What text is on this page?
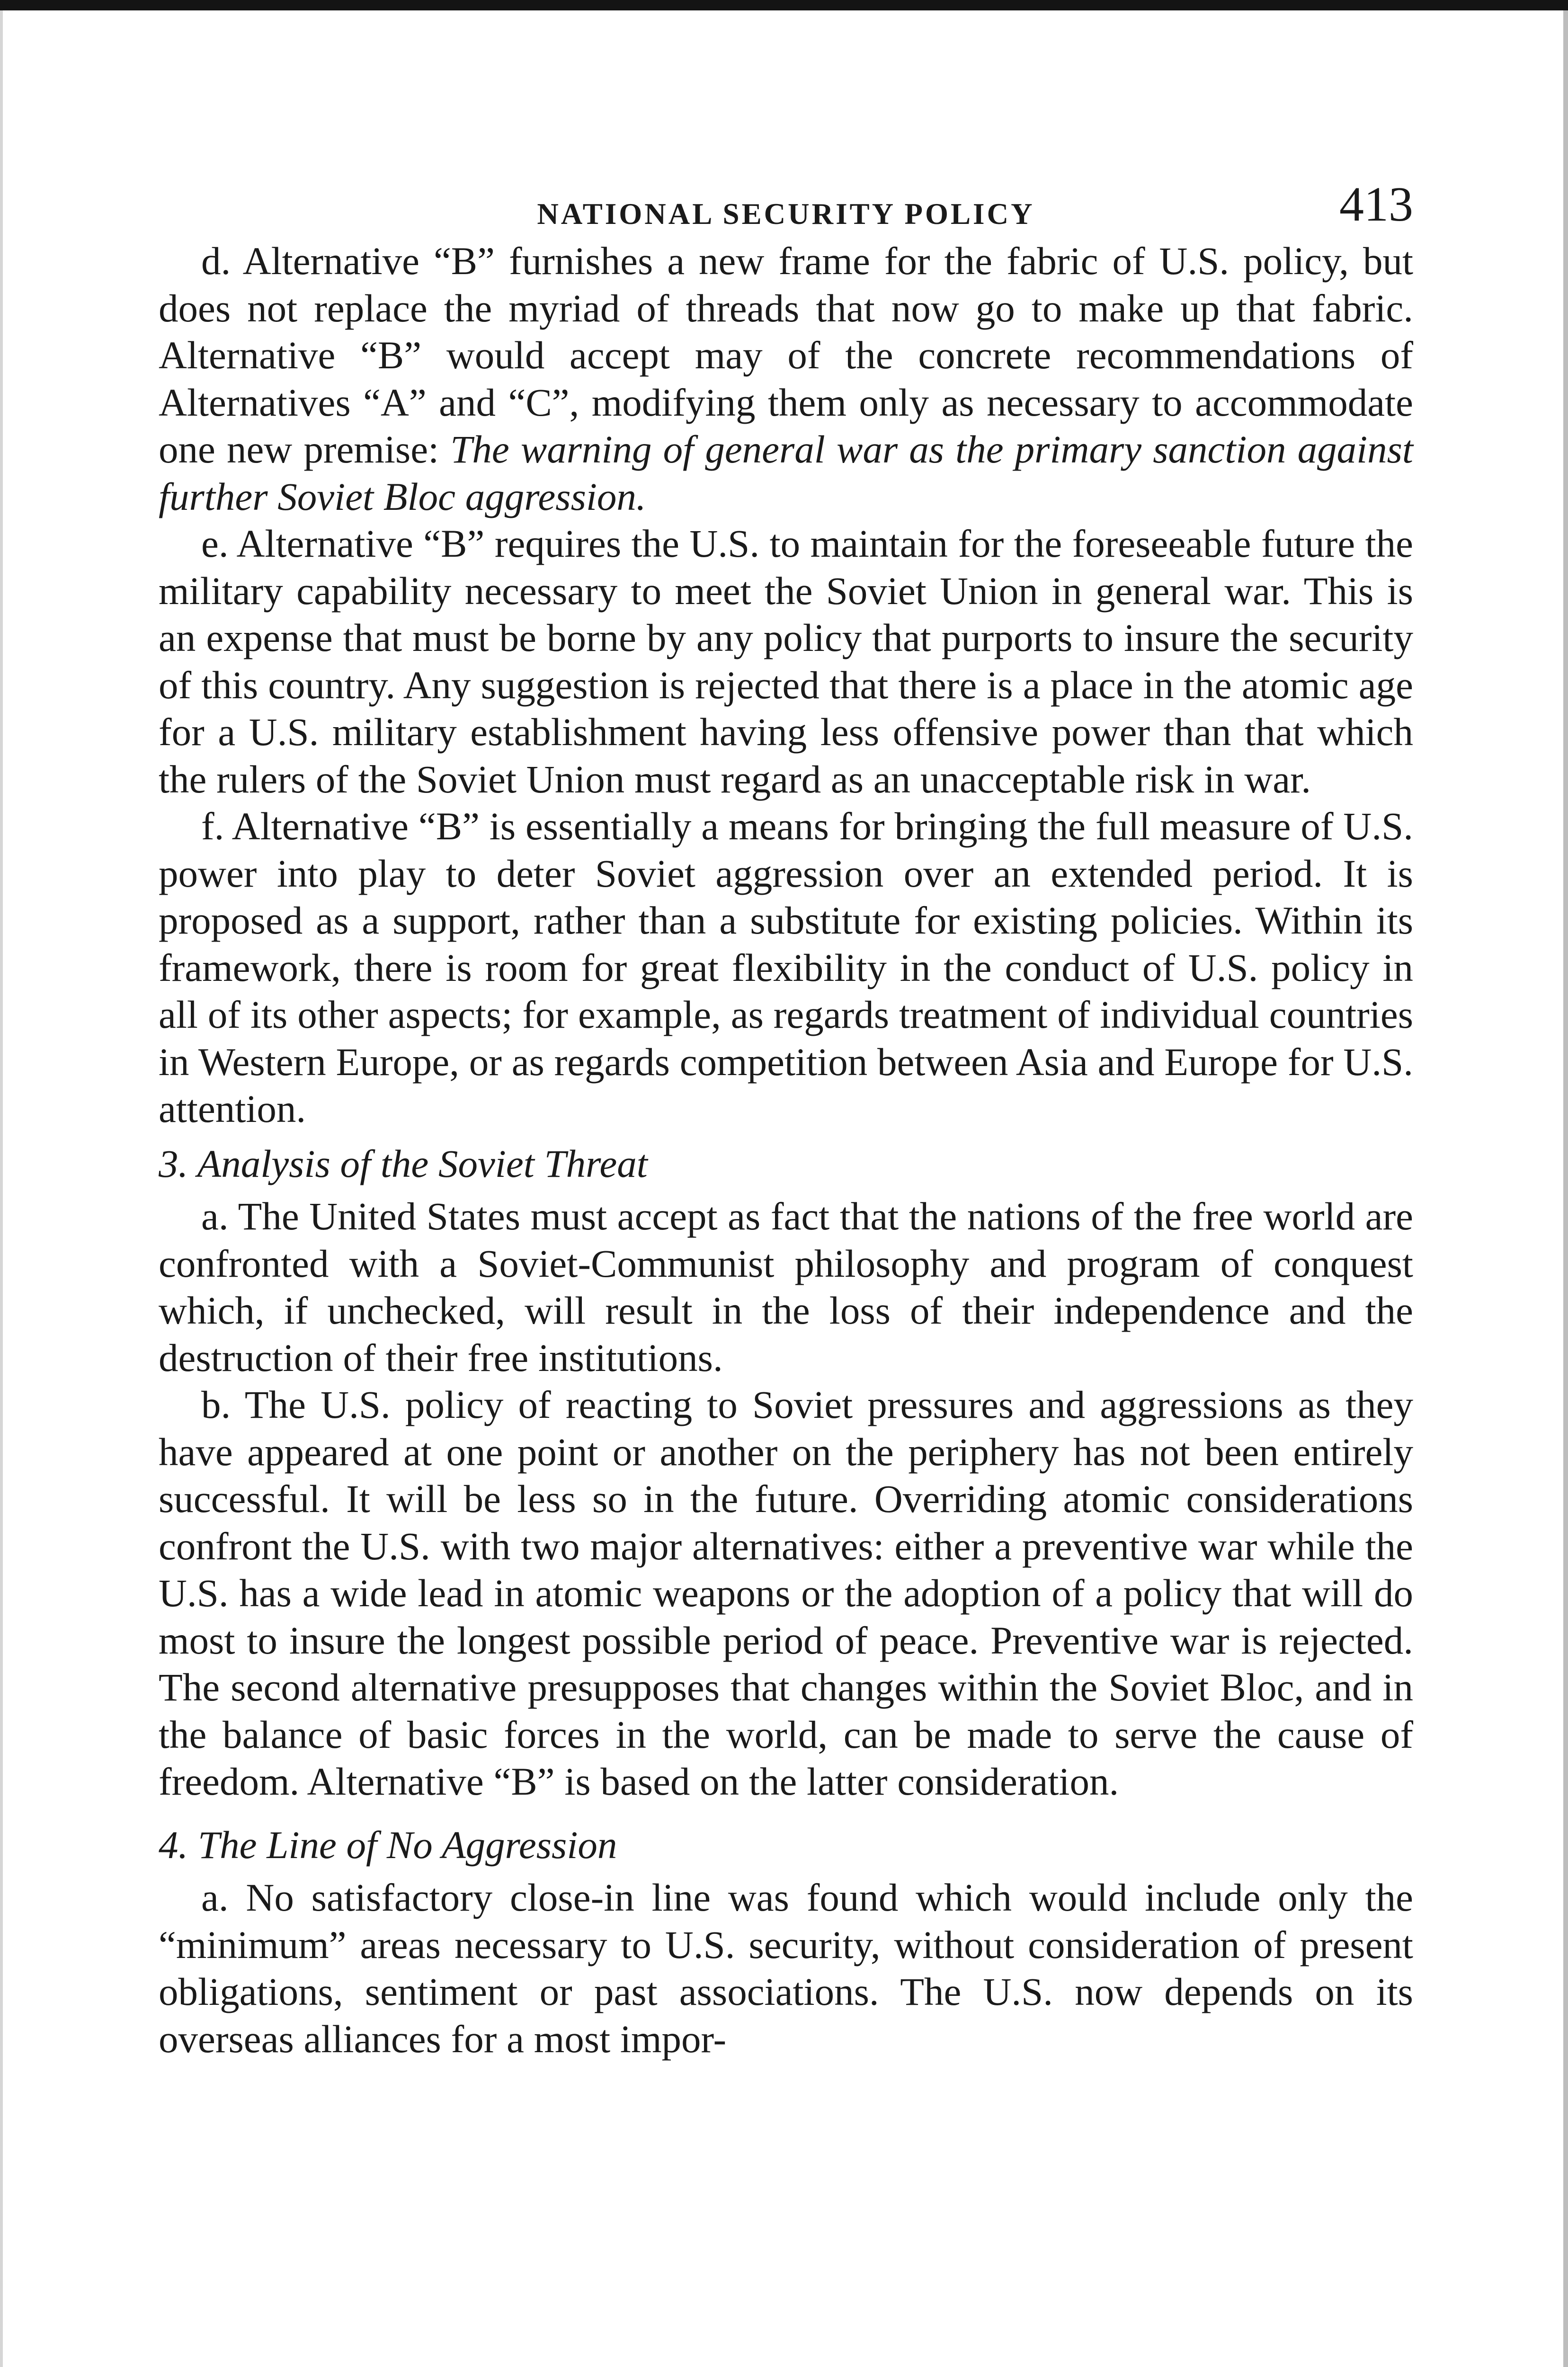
NATIONAL SECURITY POLICY	413

d. Alternative “B” furnishes a new frame for the fabric of U.S. policy, but does not replace the myriad of threads that now go to make up that fabric. Alternative “B” would accept may of the concrete recommendations of Alternatives “A” and “C”, modifying them only as necessary to accommodate one new premise: The warning of general war as the primary sanction against further Soviet Bloc aggression.

e. Alternative “B” requires the U.S. to maintain for the foreseeable future the military capability necessary to meet the Soviet Union in general war. This is an expense that must be borne by any policy that purports to insure the security of this country. Any suggestion is rejected that there is a place in the atomic age for a U.S. military establishment having less offensive power than that which the rulers of the Soviet Union must regard as an unacceptable risk in war.

f. Alternative “B” is essentially a means for bringing the full measure of U.S. power into play to deter Soviet aggression over an extended period. It is proposed as a support, rather than a substitute for existing policies. Within its framework, there is room for great flexibility in the conduct of U.S. policy in all of its other aspects; for example, as regards treatment of individual countries in Western Europe, or as regards competition between Asia and Europe for U.S. attention.

3. Analysis of the Soviet Threat

a. The United States must accept as fact that the nations of the free world are confronted with a Soviet-Communist philosophy and program of conquest which, if unchecked, will result in the loss of their independence and the destruction of their free institutions.

b. The U.S. policy of reacting to Soviet pressures and aggressions as they have appeared at one point or another on the periphery has not been entirely successful. It will be less so in the future. Overriding atomic considerations confront the U.S. with two major alternatives: either a preventive war while the U.S. has a wide lead in atomic weapons or the adoption of a policy that will do most to insure the longest possible period of peace. Preventive war is rejected. The second alternative presupposes that changes within the Soviet Bloc, and in the balance of basic forces in the world, can be made to serve the cause of freedom. Alternative “B” is based on the latter consideration.

4. The Line of No Aggression

a. No satisfactory close-in line was found which would include only the “minimum” areas necessary to U.S. security, without consideration of present obligations, sentiment or past associations. The U.S. now depends on its overseas alliances for a most impor-
